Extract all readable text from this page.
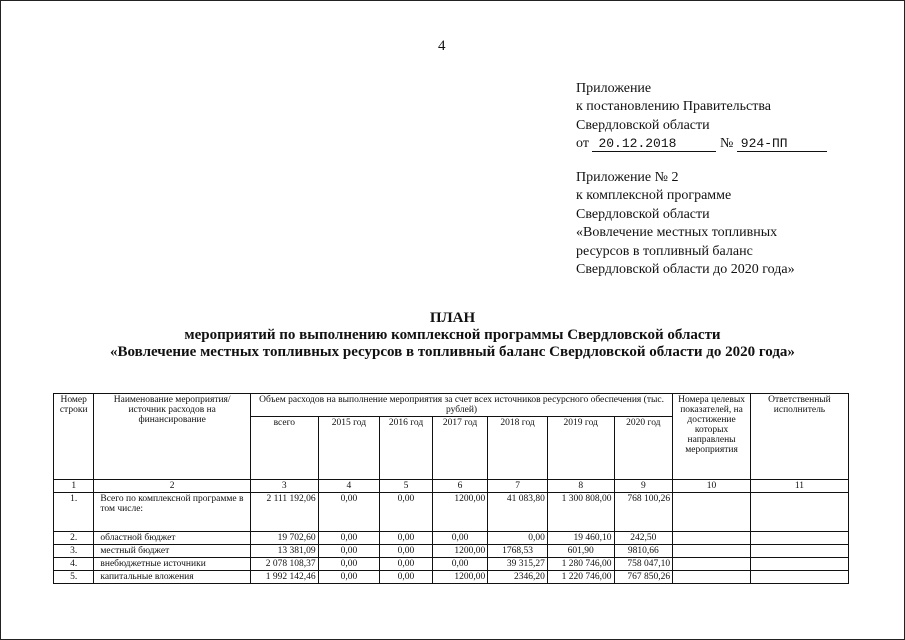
4
Приложение
к постановлению Правительства
Свердловской области
от 20.12.2018	№ 924-ПП
Приложение № 2
к комплексной программе
Свердловской области
«Вовлечение местных топливных
ресурсов в топливный баланс
Свердловской области до 2020 года»
ПЛАН
мероприятий по выполнению комплексной программы Свердловской области
«Вовлечение местных топливных ресурсов в топливный баланс Свердловской области до 2020 года»
Номер строки	Наименование мероприятия/ источник расходов на финансирование	Объем расходов на выполнение мероприятия за счет всех источников ресурсного обеспечения (тыс. рублей)							Номера целевых показателей, на достижение которых направлены мероприятия	Ответственный исполнитель
		всего	2015 год	2016 год	2017 год	2018 год	2019 год	2020 год		
1	2	3	4	5	6	7	8	9	10	11
1.	Всего по комплексной программе в том числе:	2 111 192,06	0,00	0,00	1200,00	41 083,80	1 300 808,00	768 100,26		
2.	областной бюджет	19 702,60	0,00	0,00	0,00	0,00	19 460,10	242,50		
3.	местный бюджет	13 381,09	0,00	0,00	1200,00	1768,53	601,90	9810,66		
4.	внебюджетные источники	2 078 108,37	0,00	0,00	0,00	39 315,27	1 280 746,00	758 047,10		
5.	капитальные вложения	1 992 142,46	0,00	0,00	1200,00	2346,20	1 220 746,00	767 850,26		
